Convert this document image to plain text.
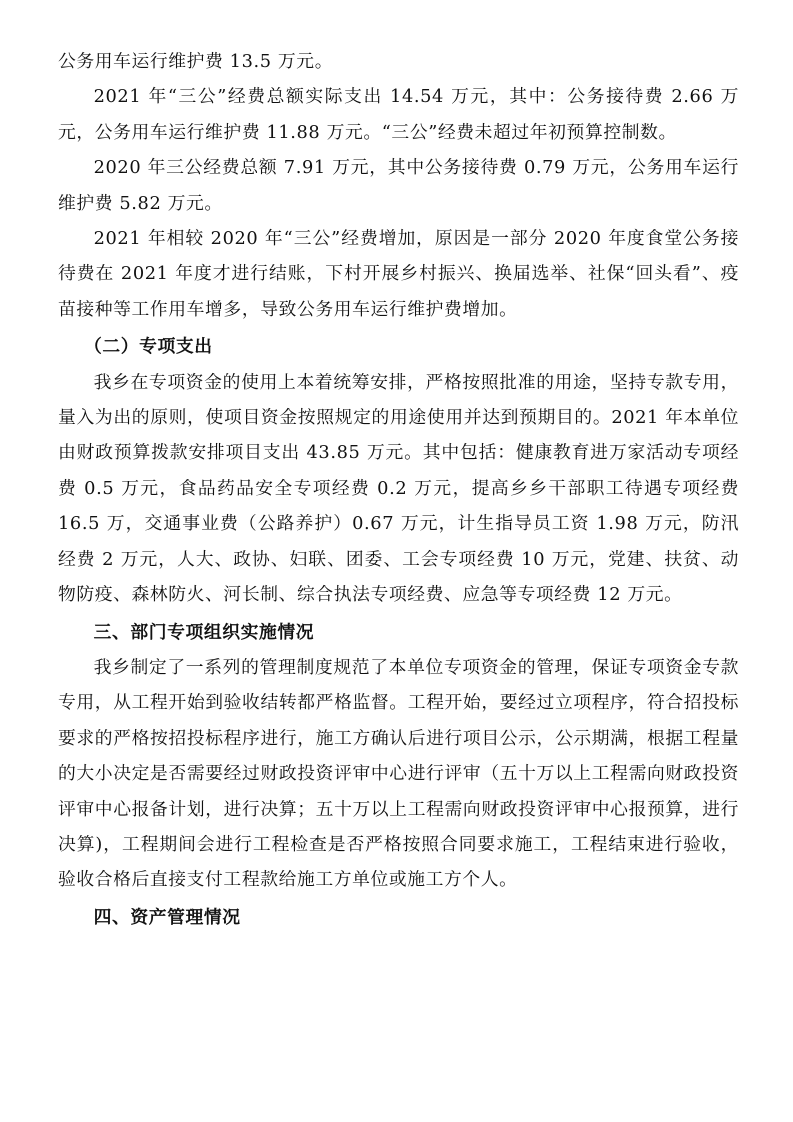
公务用车运行维护费 13.5 万元。

2021 年“三公”经费总额实际支出 14.54 万元，其中：公务接待费 2.66 万元，公务用车运行维护费 11.88 万元。“三公”经费未超过年初预算控制数。

2020 年三公经费总额 7.91 万元，其中公务接待费 0.79 万元，公务用车运行维护费 5.82 万元。

2021 年相较 2020 年“三公”经费增加，原因是一部分 2020 年度食堂公务接待费在 2021 年度才进行结账，下村开展乡村振兴、换届选举、社保“回头看”、疫苗接种等工作用车增多，导致公务用车运行维护费增加。

（二）专项支出

我乡在专项资金的使用上本着统筹安排，严格按照批准的用途，坚持专款专用，量入为出的原则，使项目资金按照规定的用途使用并达到预期目的。2021 年本单位由财政预算拨款安排项目支出 43.85 万元。其中包括：健康教育进万家活动专项经费 0.5 万元，食品药品安全专项经费 0.2 万元，提高乡乡干部职工待遇专项经费 16.5 万，交通事业费（公路养护）0.67 万元，计生指导员工资 1.98 万元，防汛经费 2 万元，人大、政协、妇联、团委、工会专项经费 10 万元，党建、扶贫、动物防疫、森林防火、河长制、综合执法专项经费、应急等专项经费 12 万元。

三、部门专项组织实施情况

我乡制定了一系列的管理制度规范了本单位专项资金的管理，保证专项资金专款专用，从工程开始到验收结转都严格监督。工程开始，要经过立项程序，符合招投标要求的严格按招投标程序进行，施工方确认后进行项目公示，公示期满，根据工程量的大小决定是否需要经过财政投资评审中心进行评审（五十万以上工程需向财政投资评审中心报备计划，进行决算；五十万以上工程需向财政投资评审中心报预算，进行决算)，工程期间会进行工程检查是否严格按照合同要求施工，工程结束进行验收，验收合格后直接支付工程款给施工方单位或施工方个人。

四、资产管理情况
